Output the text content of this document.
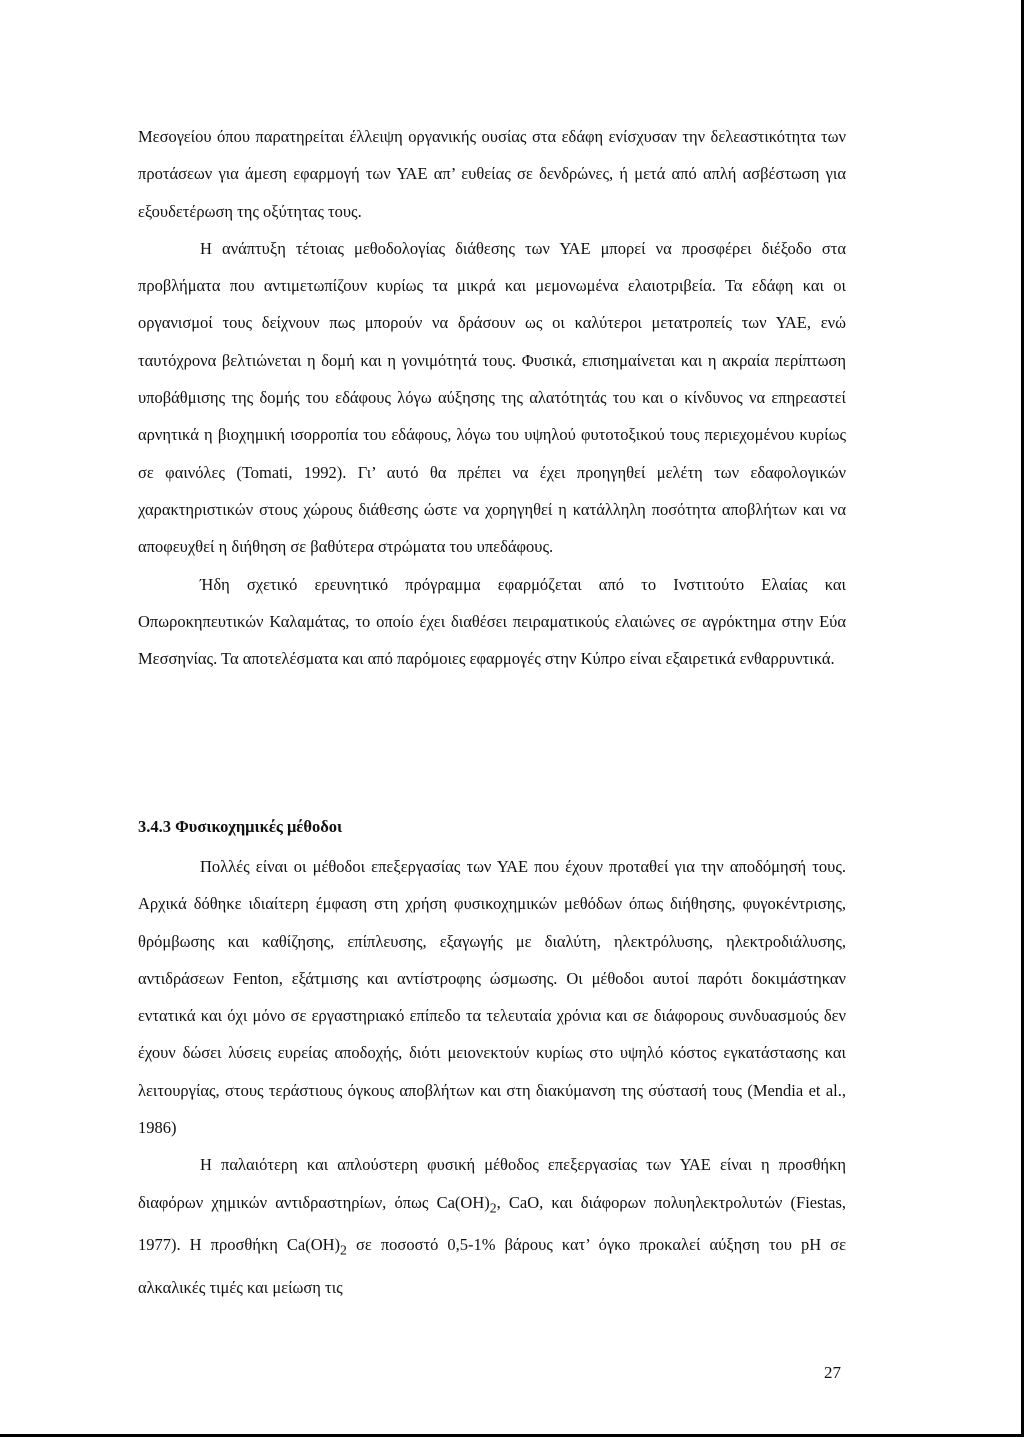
Μεσογείου όπου παρατηρείται έλλειψη οργανικής ουσίας στα εδάφη ενίσχυσαν την δελεαστικότητα των προτάσεων για άμεση εφαρμογή των ΥΑΕ απ’ ευθείας σε δενδρώνες, ή μετά από απλή ασβέστωση για εξουδετέρωση της οξύτητας τους.

Η ανάπτυξη τέτοιας μεθοδολογίας διάθεσης των ΥΑΕ μπορεί να προσφέρει διέξοδο στα προβλήματα που αντιμετωπίζουν κυρίως τα μικρά και μεμονωμένα ελαιοτριβεία. Τα εδάφη και οι οργανισμοί τους δείχνουν πως μπορούν να δράσουν ως οι καλύτεροι μετατροπείς των ΥΑΕ, ενώ ταυτόχρονα βελτιώνεται η δομή και η γονιμότητά τους. Φυσικά, επισημαίνεται και η ακραία περίπτωση υποβάθμισης της δομής του εδάφους λόγω αύξησης της αλατότητάς του και ο κίνδυνος να επηρεαστεί αρνητικά η βιοχημική ισορροπία του εδάφους, λόγω του υψηλού φυτοτοξικού τους περιεχομένου κυρίως σε φαινόλες (Tomati, 1992). Γι’ αυτό θα πρέπει να έχει προηγηθεί μελέτη των εδαφολογικών χαρακτηριστικών στους χώρους διάθεσης ώστε να χορηγηθεί η κατάλληλη ποσότητα αποβλήτων και να αποφευχθεί η διήθηση σε βαθύτερα στρώματα του υπεδάφους.

Ήδη σχετικό ερευνητικό πρόγραμμα εφαρμόζεται από το Ινστιτούτο Ελαίας και Οπωροκηπευτικών Καλαμάτας, το οποίο έχει διαθέσει πειραματικούς ελαιώνες σε αγρόκτημα στην Εύα Μεσσηνίας. Τα αποτελέσματα και από παρόμοιες εφαρμογές στην Κύπρο είναι εξαιρετικά ενθαρρυντικά.

3.4.3 Φυσικοχημικές μέθοδοι

Πολλές είναι οι μέθοδοι επεξεργασίας των ΥΑΕ που έχουν προταθεί για την αποδόμησή τους. Αρχικά δόθηκε ιδιαίτερη έμφαση στη χρήση φυσικοχημικών μεθόδων όπως διήθησης, φυγοκέντρισης, θρόμβωσης και καθίζησης, επίπλευσης, εξαγωγής με διαλύτη, ηλεκτρόλυσης, ηλεκτροδιάλυσης, αντιδράσεων Fenton, εξάτμισης και αντίστροφης ώσμωσης. Οι μέθοδοι αυτοί παρότι δοκιμάστηκαν εντατικά και όχι μόνο σε εργαστηριακό επίπεδο τα τελευταία χρόνια και σε διάφορους συνδυασμούς δεν έχουν δώσει λύσεις ευρείας αποδοχής, διότι μειονεκτούν κυρίως στο υψηλό κόστος εγκατάστασης και λειτουργίας, στους τεράστιους όγκους αποβλήτων και στη διακύμανση της σύστασή τους (Mendia et al., 1986)

Η παλαιότερη και απλούστερη φυσική μέθοδος επεξεργασίας των ΥΑΕ είναι η προσθήκη διαφόρων χημικών αντιδραστηρίων, όπως $Ca(OH)_2$, CaO, και διάφορων πολυηλεκτρολυτών (Fiestas, 1977). Η προσθήκη $Ca(OH)_2$ σε ποσοστό 0,5-1% βάρους κατ’ όγκο προκαλεί αύξηση του pH σε αλκαλικές τιμές και μείωση τις

27
